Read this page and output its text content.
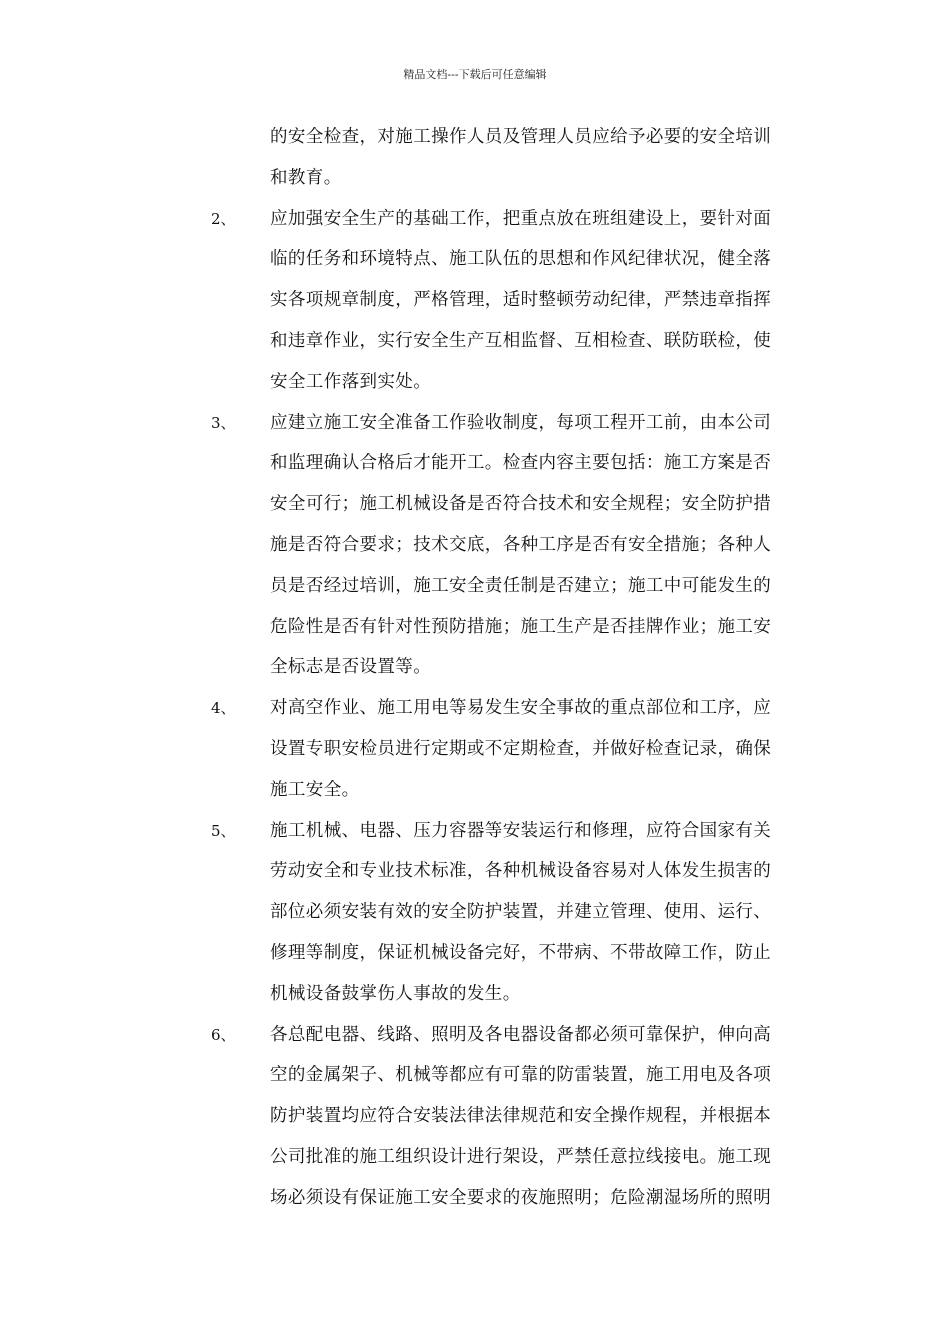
精品文档---下载后可任意编辑
的安全检查，对施工操作人员及管理人员应给予必要的安全培训
和教育。
2、 应加强安全生产的基础工作，把重点放在班组建设上，要针对面
临的任务和环境特点、施工队伍的思想和作风纪律状况，健全落
实各项规章制度，严格管理，适时整顿劳动纪律，严禁违章指挥
和违章作业，实行安全生产互相监督、互相检查、联防联检，使
安全工作落到实处。
3、 应建立施工安全准备工作验收制度，每项工程开工前，由本公司
和监理确认合格后才能开工。检查内容主要包括：施工方案是否
安全可行；施工机械设备是否符合技术和安全规程；安全防护措
施是否符合要求；技术交底，各种工序是否有安全措施；各种人
员是否经过培训，施工安全责任制是否建立；施工中可能发生的
危险性是否有针对性预防措施；施工生产是否挂牌作业；施工安
全标志是否设置等。
4、 对高空作业、施工用电等易发生安全事故的重点部位和工序，应
设置专职安检员进行定期或不定期检查，并做好检查记录，确保
施工安全。
5、 施工机械、电器、压力容器等安装运行和修理，应符合国家有关
劳动安全和专业技术标准，各种机械设备容易对人体发生损害的
部位必须安装有效的安全防护装置，并建立管理、使用、运行、
修理等制度，保证机械设备完好，不带病、不带故障工作，防止
机械设备鼓掌伤人事故的发生。
6、 各总配电器、线路、照明及各电器设备都必须可靠保护，伸向高
空的金属架子、机械等都应有可靠的防雷装置，施工用电及各项
防护装置均应符合安装法律法律规范和安全操作规程，并根据本
公司批准的施工组织设计进行架设，严禁任意拉线接电。施工现
场必须设有保证施工安全要求的夜施照明；危险潮湿场所的照明
